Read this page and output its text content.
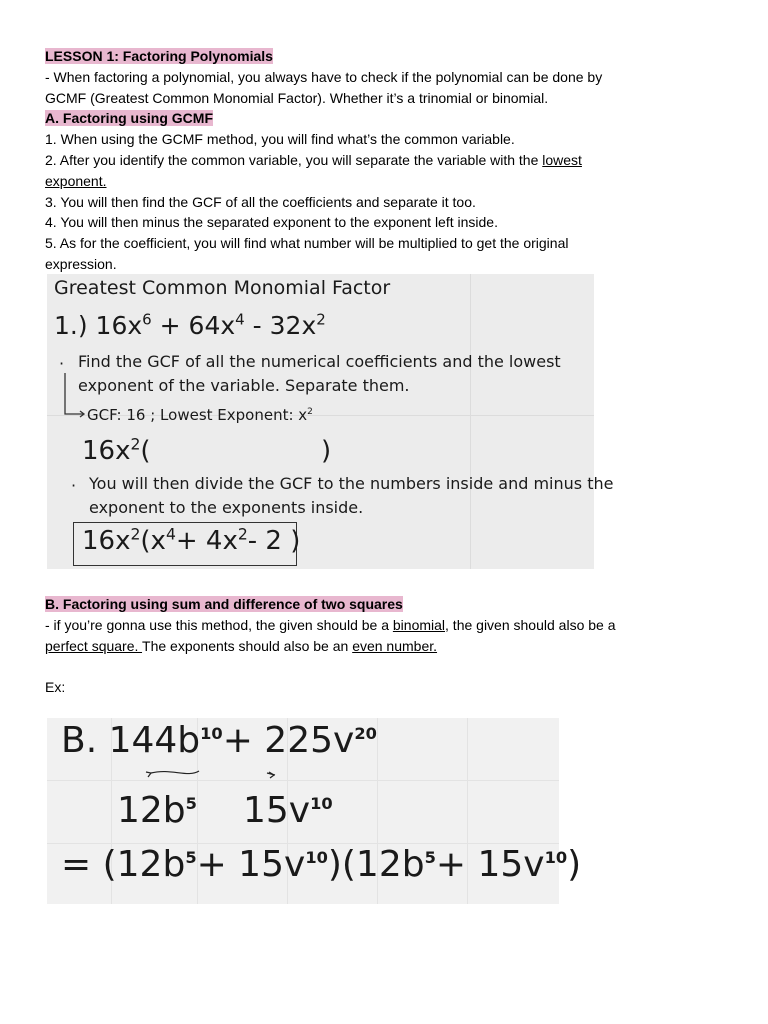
LESSON 1: Factoring Polynomials

- When factoring a polynomial, you always have to check if the polynomial can be done by

GCMF (Greatest Common Monomial Factor). Whether it’s a trinomial or binomial.

A. Factoring using GCMF

1. When using the GCMF method, you will find what’s the common variable.

2. After you identify the common variable, you will separate the variable with the lowest

exponent.

3. You will then find the GCF of all the coefficients and separate it too.

4. You will then minus the separated exponent to the exponent left inside.

5. As for the coefficient, you will find what number will be multiplied to get the original

expression.

Greatest Common Monomial Factor
1.) $16x^6 + 64x^4 - 32x^2$
· Find the GCF of all the numerical coefficients and the lowest
exponent of the variable. Separate them.
GCF: 16 ; Lowest Exponent: $x^2$
$16x^2$(	)
· You will then divide the GCF to the numbers inside and minus the
exponent to the exponents inside.
$16x^2(x^4+ 4x^2-$ 2 )

B. Factoring using sum and difference of two squares

- if you’re gonna use this method, the given should be a binomial, the given should also be a

perfect square. The exponents should also be an even number.

Ex:

B. $144b^{10}+ 225v^{20}$
$12b^5$ $15v^{10}$
= $(12b^5+ 15v^{10})(12b^5+ 15v^{10})$
